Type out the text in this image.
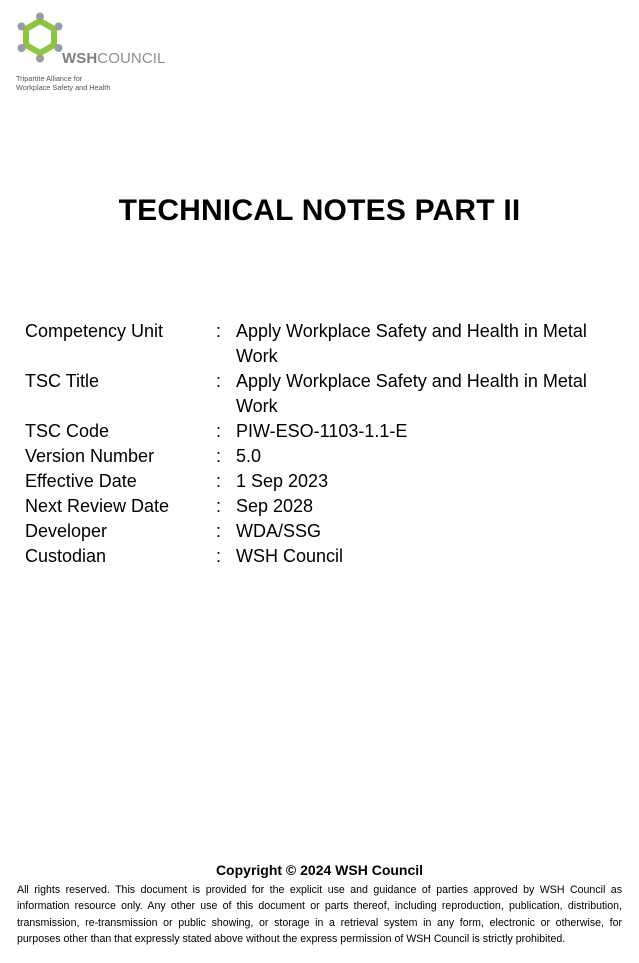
WSHCOUNCIL
Tripartite Alliance for
Workplace Safety and Health
TECHNICAL NOTES PART II
Competency Unit	:	Apply Workplace Safety and Health in Metal Work
TSC Title	:	Apply Workplace Safety and Health in Metal Work
TSC Code	:	PIW-ESO-1103-1.1-E
Version Number	:	5.0
Effective Date	:	1 Sep 2023
Next Review Date	:	Sep 2028
Developer	:	WDA/SSG
Custodian	:	WSH Council
Copyright © 2024 WSH Council

All rights reserved. This document is provided for the explicit use and guidance of parties approved by WSH Council as information resource only. Any other use of this document or parts thereof, including reproduction, publication, distribution, transmission, re-transmission or public showing, or storage in a retrieval system in any form, electronic or otherwise, for purposes other than that expressly stated above without the express permission of WSH Council is strictly prohibited.
